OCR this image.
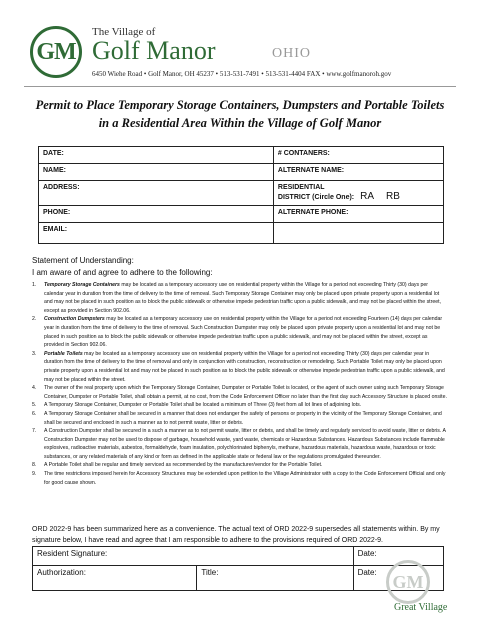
GM
The Village of
Golf Manor	OHIO
6450 Wiehe Road • Golf Manor, OH 45237 • 513-531-7491 • 513-531-4404 FAX • www.golfmanoroh.gov
Permit to Place Temporary Storage Containers, Dumpsters and Portable Toilets
in a Residential Area Within the Village of Golf Manor
DATE:	# CONTANERS:
NAME:	ALTERNATE NAME:
ADDRESS:	RESIDENTIAL
DISTRICT (Circle One): RA RB

PHONE:	ALTERNATE PHONE:
EMAIL:	
Statement of Understanding:
I am aware of and agree to adhere to the following:
1. Temporary Storage Containers may be located as a temporary accessory use on residential property within the Village for a period not exceeding Thirty (30) days per calendar year in duration from the time of delivery to the time of removal. Such Temporary Storage Container may only be placed upon private property upon a residential lot and may not be placed in such position as to block the public sidewalk or otherwise impede pedestrian traffic upon a public sidewalk, and may not be placed within the street, except as provided in Section 902.06.
2. Construction Dumpsters may be located as a temporary accessory use on residential property within the Village for a period not exceeding Fourteen (14) days per calendar year in duration from the time of delivery to the time of removal. Such Construction Dumpster may only be placed upon private property upon a residential lot and may not be placed in such position as to block the public sidewalk or otherwise impede pedestrian traffic upon a public sidewalk, and may not be placed within the street, except as provided in Section 902.06.
3. Portable Toilets may be located as a temporary accessory use on residential property within the Village for a period not exceeding Thirty (30) days per calendar year in duration from the time of delivery to the time of removal and only in conjunction with construction, reconstruction or remodeling. Such Portable Toilet may only be placed upon private property upon a residential lot and may not be placed in such position as to block the public sidewalk or otherwise impede pedestrian traffic upon a public sidewalk, and may not be placed within the street.
4. The owner of the real property upon which the Temporary Storage Container, Dumpster or Portable Toilet is located, or the agent of such owner using such Temporary Storage Container, Dumpster or Portable Toilet, shall obtain a permit, at no cost, from the Code Enforcement Officer no later than the first day such Accessory Structure is placed onsite.
5. A Temporary Storage Container, Dumpster or Portable Toilet shall be located a minimum of Three (3) feet from all lot lines of adjoining lots.
6. A Temporary Storage Container shall be secured in a manner that does not endanger the safety of persons or property in the vicinity of the Temporary Storage Container, and shall be secured and enclosed in such a manner as to not permit waste, litter or debris.
7. A Construction Dumpster shall be secured in a such a manner as to not permit waste, litter or debris, and shall be timely and regularly serviced to avoid waste, litter or debris. A Construction Dumpster may not be used to dispose of garbage, household waste, yard waste, chemicals or Hazardous Substances. Hazardous Substances include flammable explosives, radioactive materials, asbestos, formaldehyde, foam insulation, polychlorinated biphenyls, methane, hazardous materials, hazardous waste, hazardous or toxic substances, or any related materials of any kind or form as defined in the applicable state or federal law or the regulations promulgated thereunder.
8. A Portable Toilet shall be regular and timely serviced as recommended by the manufacturer/vendor for the Portable Toilet.
9. The time restrictions imposed herein for Accessory Structures may be extended upon petition to the Village Administrator with a copy to the Code Enforcement Official and only for good cause shown.
ORD 2022-9 has been summarized here as a convenience. The actual text of ORD 2022-9 supersedes all statements within. By my signature below, I have read and agree that I am responsible to adhere to the provisions required of ORD 2022-9.
Resident Signature:		Date:
Authorization:	Title:	Date: GM
Great Village
